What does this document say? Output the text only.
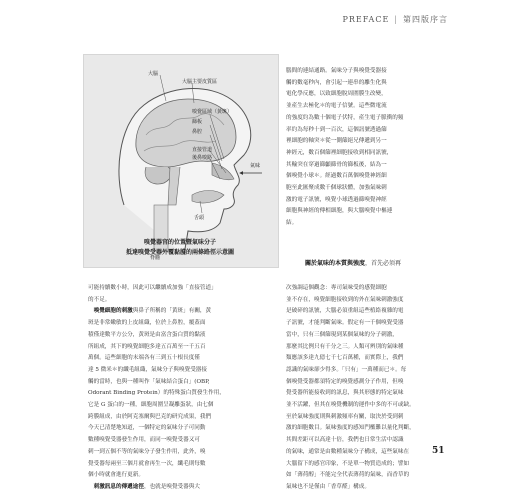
PREFACE | 第四版序言
大腦
大腦主要皮質區
嗅覺區域（黃斑）
篩板
鼻腔
直接管道
後鼻嗅路
氣味
舌頭
脊髓
嗅覺器官的位置暨氣味分子
抵達嗅覺受器外覆黏膜的兩條路徑示意圖
腦間的連結通路。氣味分子與嗅覺受器接
觸的數毫秒內，會引起一連串的離生化與
電化學反應，以致細胞脫周圍膜生改變，
並產生去極化＊的電子信號。這些微電流
的強度約為數十個電子伏特，產生電子脈衝的頻
率約為每秒十到一百次，這個訊號透過篩
裡細胞的軸突＊從一側篩絕兄傳遞到另一
神經元，數百個篩裡細胞接收到相同訊號，
其輸突在穿過篩顱篩骨的篩板後，結為一
個嗅覺小球＊。經過數百萬個嗅覺神經細
胞至此匯聚成數千個球狀體，加強氣味刺
激的電子訊號，嗅覺小球透過篩嗅覺神經
細胞與神經的傳相細胞，與大腦嗅覺中樞連
結。
關於氣味的本質與強度，首先必須再
可能持續數小時，因此可以繼續成加強「直接管道」
的不足。
　嗅覺細胞的刺激與鼻子所稱的「黃斑」有關，黃
斑是非常嫩敏的上皮組織，位於上鼻腔，覆蓋面
積僅達數平方公分，黃斑是由富含蛋白質的黏液
所組成，其下的嗅覺細胞多達五百萬至一千五百
萬個。這些細胞的末端各有三到五十根長度僅
達 5 微米＊的纖毛組織，氣味分子與嗅覺受器接
觸的當時，也與一種叫作「氣味結合蛋白」(OBP,
Odorant Binding Protein）的特殊蛋白質發生作用，
它是 G 蛋白的一種，細胞周圍呈凝離蛋狀，由七個
跨膜組成，由於阿克塞爾與巴克的研究成果，我們
今天已清楚地知道，一個特定的氣味分子可同動
數種嗅覺受器發生作用，而同一嗅覺受器又可
刺一到五個不等的氣味分子發生作用，此外，嗅
覺受器每兩至三個月就會再生一次，纖毛則每數
個小時就會進行更新。
　刺激訊息的傳遞途徑，也就是嗅覺受器與大
次強調這個觀念：專司氣味受的感覺細胞
並不存在，嗅覺細胞接收到的外在氣味刺激強度
是破碎的訊號，大腦必須重組這些植絡複雜的電
子訊號，才能判斷氣味。假定有一千個嗅覺受器
當中，只有三個篩現到某個氣味的分子刺激，
那麼其比例只有千分之三。人類可辨別的氣味種
類應該多達九億七千七百萬種，而實際上，我們
認識的氣味卻少得多。「只有」一萬種而已＊。每
個嗅覺受器都須特定的嗅覺感測分子作用，但嗅
覺受器所能接收到的訊息，與其形態的特定氣味
並不活躍，但其在嗅覺機制的運作中多的不可或缺。
至於氣味強度則與刺激頻率有關，取決於受到刺
激的細胞數目。氣味強度的感知門檻難以量化判斷，
其間差距可以高達十倍，我們也日常生活中認識
的氣味，通常是由數種氣味分子構成，這些氣味在
大腦留下的感官印象，不是單一物質造成的；譬如
如「薄荷醇」不能完全代表薄荷的氣味，而香草的
氣味也不是僅由「香草醛」構成。
51
